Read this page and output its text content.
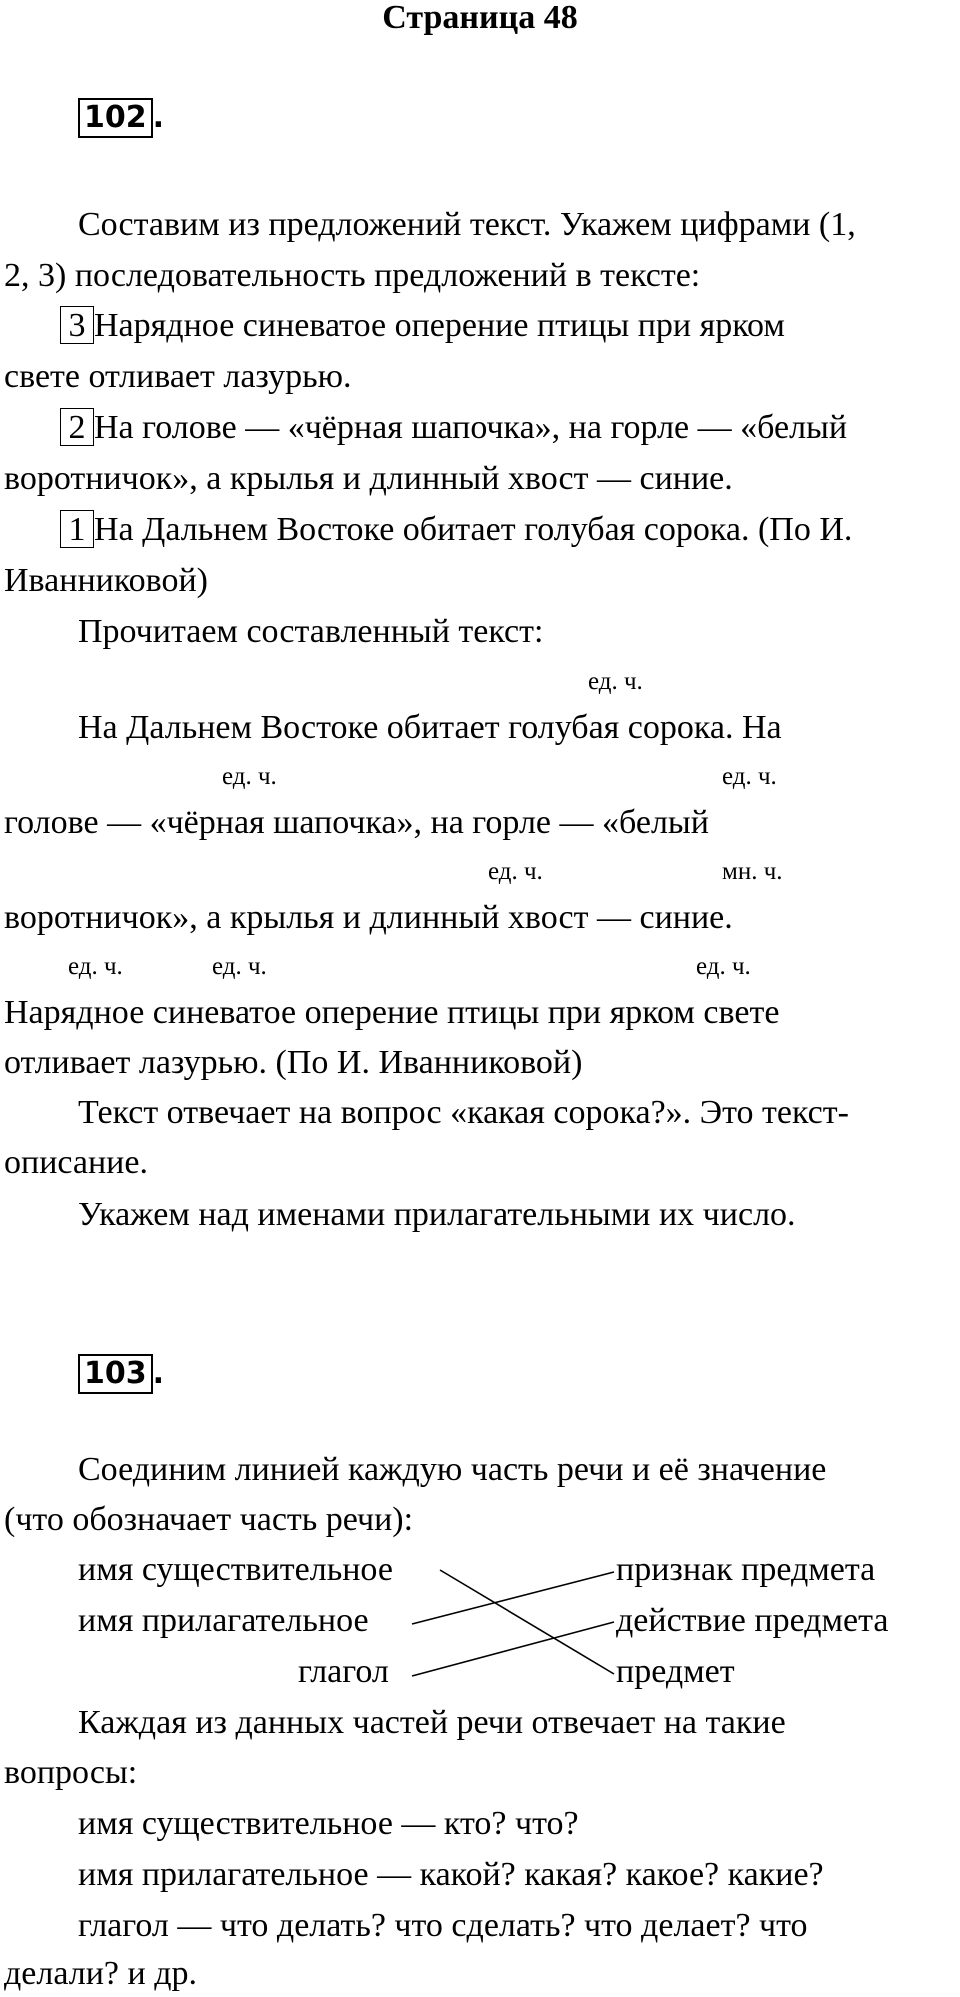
Страница 48
102 .
Составим из предложений текст. Укажем цифрами (1,
2, 3) последовательность предложений в тексте:
3 Нарядное синеватое оперение птицы при ярком
свете отливает лазурью.
2 На голове — «чёрная шапочка», на горле — «белый
воротничок», а крылья и длинный хвост — синие.
1 На Дальнем Востоке обитает голубая сорока. (По И.
Иванниковой)
Прочитаем составленный текст:
ед. ч.
На Дальнем Востоке обитает голубая сорока. На
ед. ч.	ед. ч.
голове — «чёрная шапочка», на горле — «белый
ед. ч.	мн. ч.
воротничок», а крылья и длинный хвост — синие.
ед. ч.	ед. ч.	ед. ч.
Нарядное синеватое оперение птицы при ярком свете
отливает лазурью. (По И. Иванниковой)
Текст отвечает на вопрос «какая сорока?». Это текст-
описание.
Укажем над именами прилагательными их число.
103 .
Соединим линией каждую часть речи и её значение
(что обозначает часть речи):
имя существительное
имя прилагательное
глагол
признак предмета
действие предмета
предмет
Каждая из данных частей речи отвечает на такие
вопросы:
имя существительное — кто? что?
имя прилагательное — какой? какая? какое? какие?
глагол — что делать? что сделать? что делает? что
делали? и др.
